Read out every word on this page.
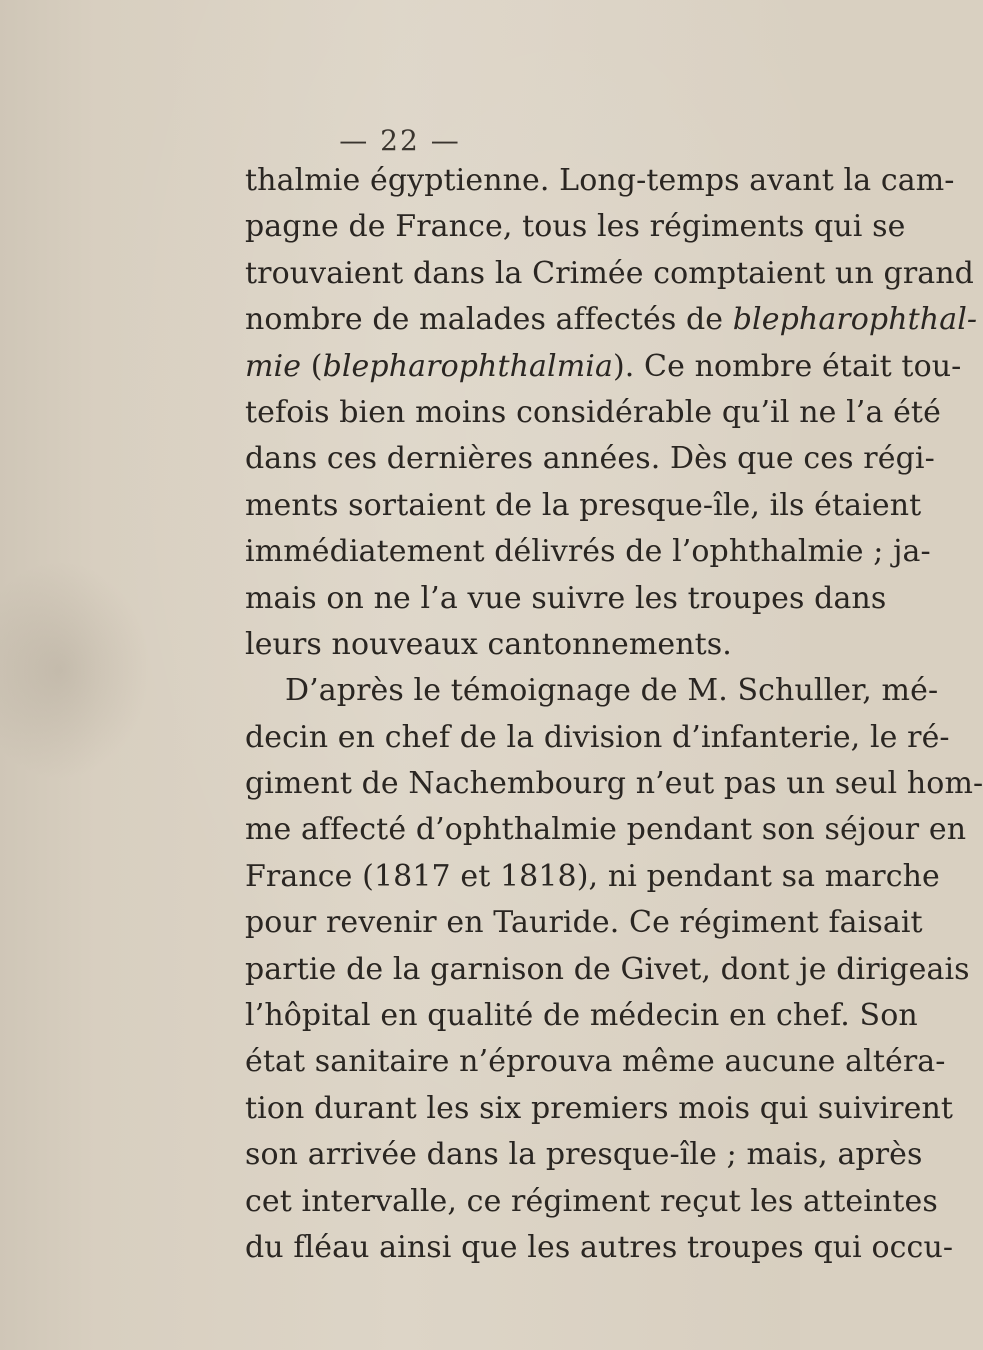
— 22 —
thalmie égyptienne. Long-temps avant la cam-
pagne de France, tous les régiments qui se
trouvaient dans la Crimée comptaient un grand
nombre de malades affectés de blepharophthal-
mie (blepharophthalmia). Ce nombre était tou-
tefois bien moins considérable qu’il ne l’a été
dans ces dernières années. Dès que ces régi-
ments sortaient de la presque-île, ils étaient
immédiatement délivrés de l’ophthalmie ; ja-
mais on ne l’a vue suivre les troupes dans
leurs nouveaux cantonnements.
D’après le témoignage de M. Schuller, mé-
decin en chef de la division d’infanterie, le ré-
giment de Nachembourg n’eut pas un seul hom-
me affecté d’ophthalmie pendant son séjour en
France (1817 et 1818), ni pendant sa marche
pour revenir en Tauride. Ce régiment faisait
partie de la garnison de Givet, dont je dirigeais
l’hôpital en qualité de médecin en chef. Son
état sanitaire n’éprouva même aucune altéra-
tion durant les six premiers mois qui suivirent
son arrivée dans la presque-île ; mais, après
cet intervalle, ce régiment reçut les atteintes
du fléau ainsi que les autres troupes qui occu-
